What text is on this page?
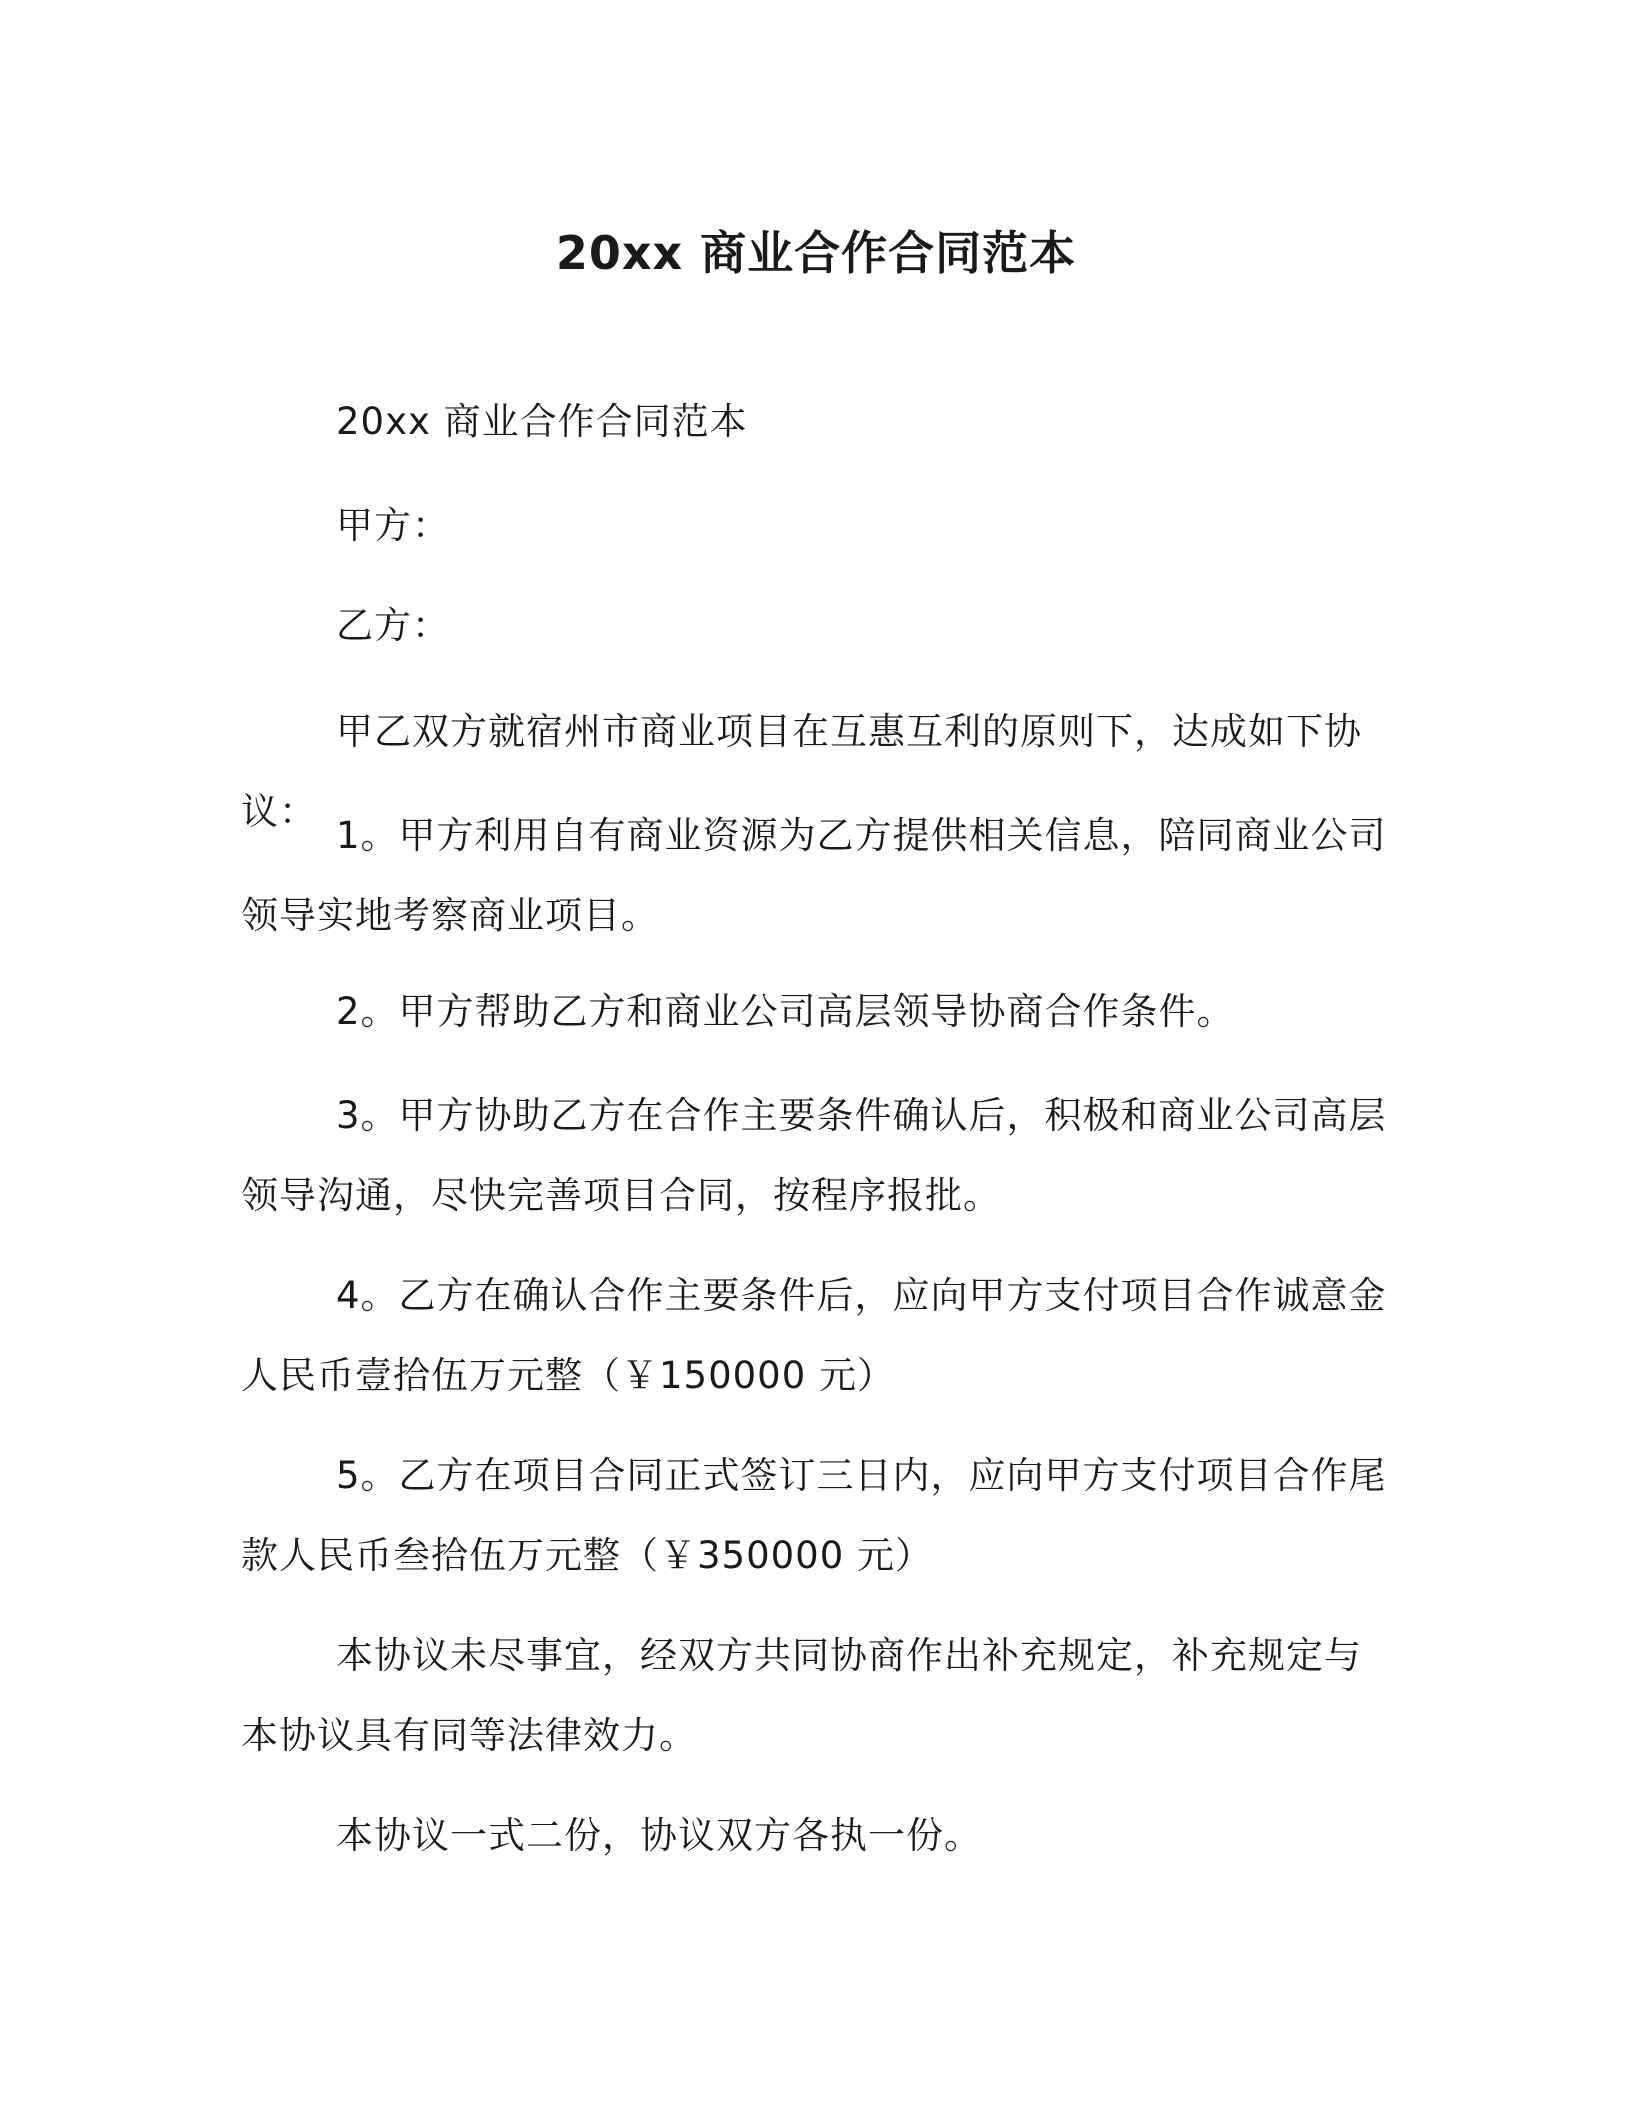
20xx 商业合作合同范本
20xx 商业合作合同范本
甲方：
乙方：
甲乙双方就宿州市商业项目在互惠互利的原则下，达成如下协议：
1。甲方利用自有商业资源为乙方提供相关信息，陪同商业公司领导实地考察商业项目。
2。甲方帮助乙方和商业公司高层领导协商合作条件。
3。甲方协助乙方在合作主要条件确认后，积极和商业公司高层领导沟通，尽快完善项目合同，按程序报批。
4。乙方在确认合作主要条件后，应向甲方支付项目合作诚意金人民币壹拾伍万元整（￥150000 元）
5。乙方在项目合同正式签订三日内，应向甲方支付项目合作尾款人民币叁拾伍万元整（￥350000 元）
本协议未尽事宜，经双方共同协商作出补充规定，补充规定与本协议具有同等法律效力。
本协议一式二份，协议双方各执一份。
